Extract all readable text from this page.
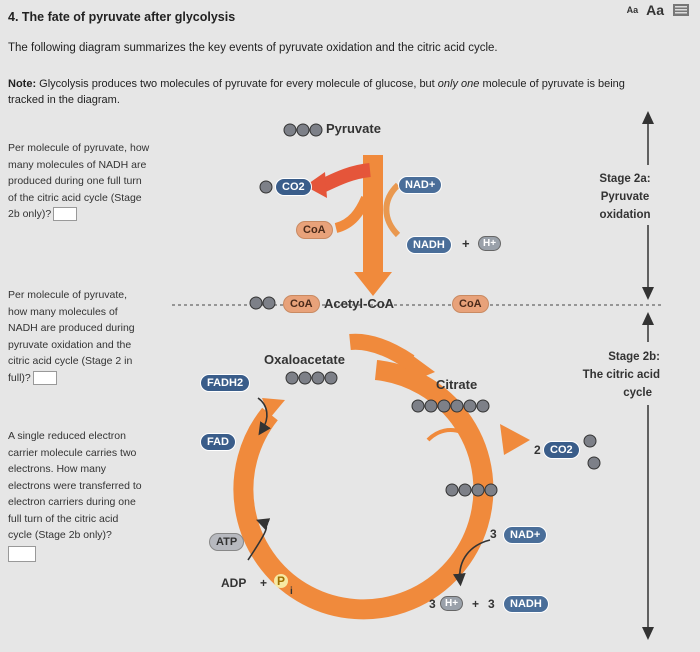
4. The fate of pyruvate after glycolysis	Aa Aa
The following diagram summarizes the key events of pyruvate oxidation and the citric acid cycle.
Note: Glycolysis produces two molecules of pyruvate for every molecule of glucose, but only one molecule of pyruvate is being tracked in the diagram.
Per molecule of pyruvate, how many molecules of NADH are produced during one full turn of the citric acid cycle (Stage 2b only)?
Per molecule of pyruvate, how many molecules of NADH are produced during pyruvate oxidation and the citric acid cycle (Stage 2 in full)?
A single reduced electron carrier molecule carries two electrons. How many electrons were transferred to electron carriers during one full turn of the citric acid cycle (Stage 2b only)?
Pyruvate
CO2	NAD+
CoA
NADH	+	H+
CoA Acetyl-CoA	CoA
Oxaloacetate
Citrate
FADH2
FAD
2 CO2
3	NAD+
ATP
ADP + P
i
3 H+	+ 3	NADH
Stage 2a:
Pyruvate
oxidation
Stage 2b:
The citric acid
cycle
